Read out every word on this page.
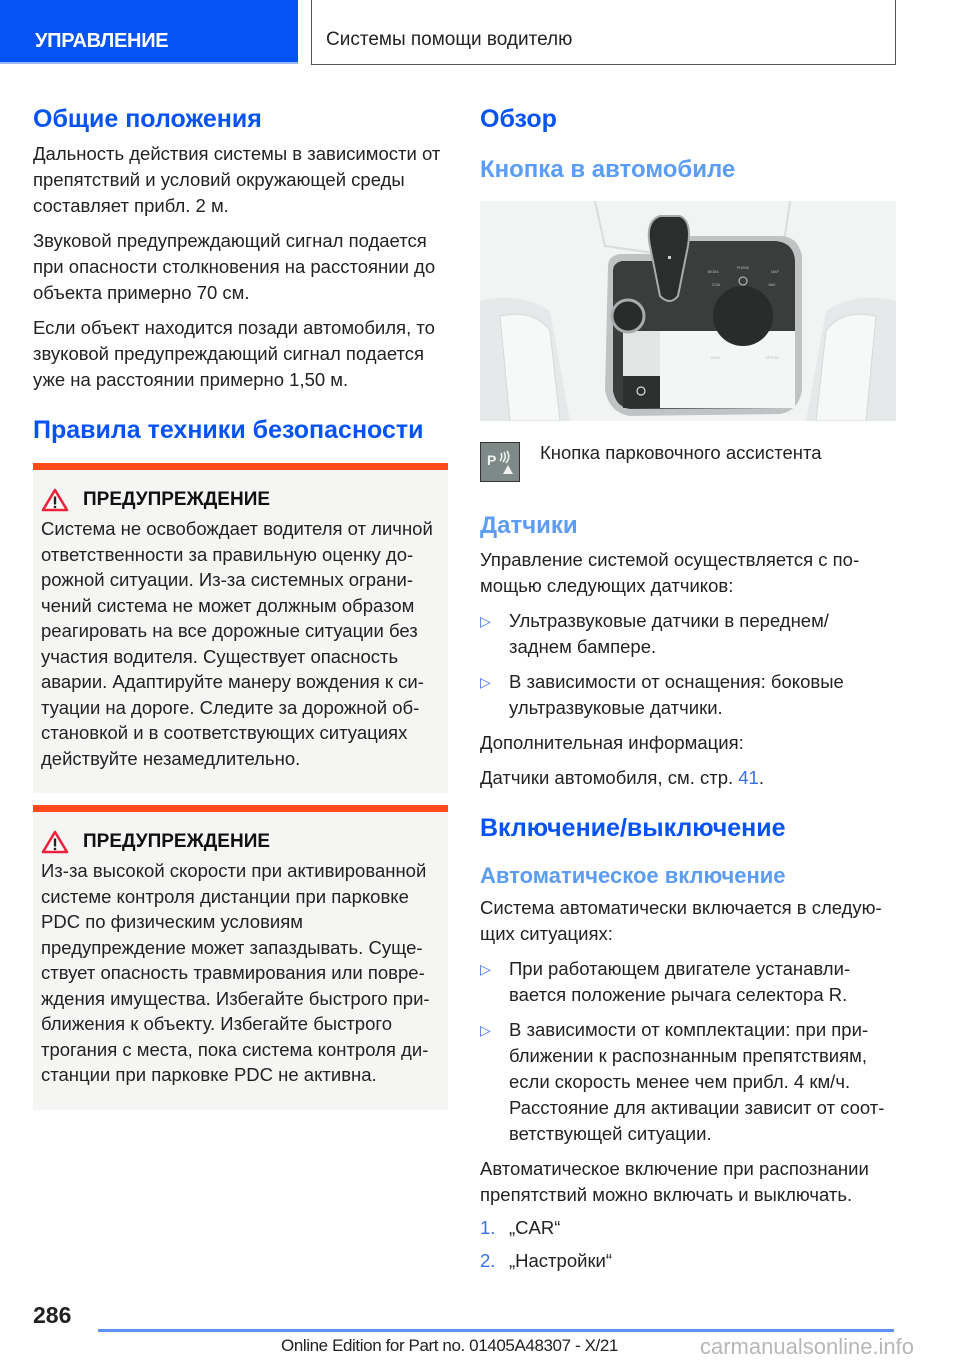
УПРАВЛЕНИЕ	Системы помощи водителю
Общие положения

Дальность действия системы в зависимости от препятствий и условий окружающей среды составляет прибл. 2 м.

Звуковой предупреждающий сигнал подается при опасности столкновения на расстоянии до объекта примерно 70 см.

Если объект находится позади автомобиля, то звуковой предупреждающий сигнал подается уже на расстоянии примерно 1,50 м.

Правила техники безопасности
ПРЕДУПРЕЖДЕНИЕ

Система не освобождает водителя от личной ответственности за правильную оценку дорожной ситуации. Из-за системных ограничений система не может должным образом реагировать на все дорожные ситуации без участия водителя. Существует опасность аварии. Адаптируйте манеру вождения к ситуации на дороге. Следите за дорожной обстановкой и в соответствующих ситуациях действуйте незамедлительно.

ПРЕДУПРЕЖДЕНИЕ

Из-за высокой скорости при активированной системе контроля дистанции при парковке PDC по физическим условиям предупреждение может запаздывать. Существует опасность травмирования или повреждения имущества. Избегайте быстрого приближения к объекту. Избегайте быстрого трогания с места, пока система контроля дистанции при парковке PDC не активна.

Обзор
Кнопка в автомобиле
PHONE
MEDIA	MAP
COM	NAV
BACK	OPTION
P Кнопка парковочного ассистента

Датчики

Управление системой осуществляется с помощью следующих датчиков:

▷ Ультразвуковые датчики в переднем/ заднем бампере.
▷ В зависимости от оснащения: боковые ультразвуковые датчики.

Дополнительная информация:

Датчики автомобиля, см. стр. 41.

Включение/выключение
Автоматическое включение

Система автоматически включается в следующих ситуациях:

▷ При работающем двигателе устанавливается положение рычага селектора R.
▷ В зависимости от комплектации: при приближении к распознанным препятствиям, если скорость менее чем прибл. 4 км/ч. Расстояние для активации зависит от соответствующей ситуации.

Автоматическое включение при распознании препятствий можно включать и выключать.

1. „CAR“
2. „Настройки“
286
Online Edition for Part no. 01405A48307 - X/21	carmanualsonline.info
